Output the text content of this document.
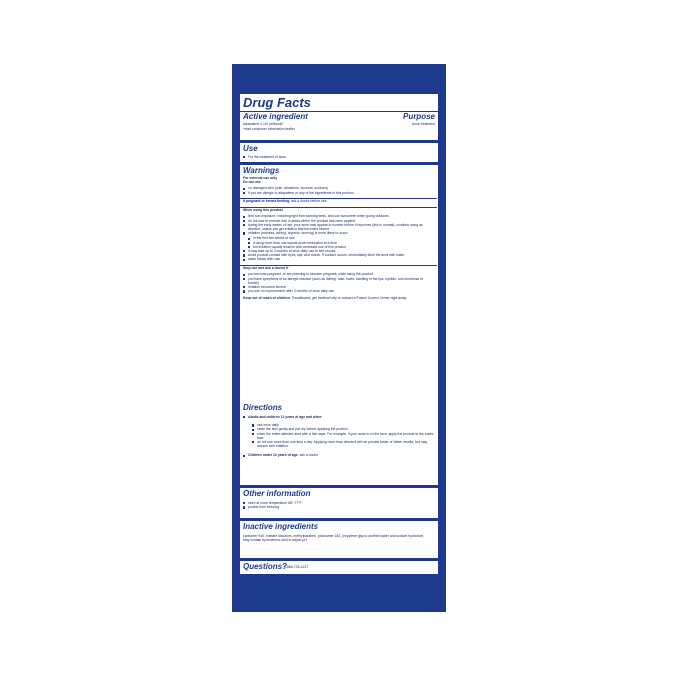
Drug Facts
Active ingredient	Purpose
Adapalene 0.1% (retinoid)*	Acne treatment
*read consumer information leaflet
Use
For the treatment of acne
Warnings
For external use only
Do not use
on damaged skin (cuts, abrasions, eczema, sunburn)
if you are allergic to adapalene or any of the ingredients in this product.
If pregnant or breast-feeding, ask a doctor before use.
When using this product
limit sun exposure, including light from tanning beds, and use sunscreen when going outdoors
do not wax to remove hair in areas where the product has been applied
during the early weeks of use, your acne may appear to worsen before it improves (this is normal); continue using as directed, unless you get irritation that becomes severe
irritation (redness, itching, dryness, burning) is more likely to occur:
in the first few weeks of use
if using more than one topical acne medication at a time
but irritation usually lessens with continued use of this product
it may take up to 3 months of once daily use to see results
avoid product contact with eyes, lips, and mouth. If contact occurs, immediately flush the area with water.
wash hands after use
Stop use and ask a doctor if
you become pregnant, or are planning to become pregnant, while using the product
you have symptoms of an allergic reaction (such as itching, rash, hives, swelling of the lips, eyelids, and shortness of breath)
irritation becomes severe
you see no improvement after 3 months of once daily use
Keep out of reach of children. If swallowed, get medical help or contact a Poison Control Center right away.
Directions
Adults and children 12 years of age and older:
use once daily
clean the skin gently and pat dry before applying the product
cover the entire affected area with a thin layer. For example, if your acne is on the face, apply the product to the entire face.
do not use more than one time a day. Applying more than directed will not provide faster or better results, but may worsen skin irritation.
Children under 12 years of age: ask a doctor
Other information
store at room temperature 68°-77°F
protect from freezing
Inactive ingredients
carbomer 940, edetate disodium, methylparaben, poloxamer 182, propylene glycol, purified water and sodium hydroxide.
May contain hydrochloric acid to adjust pH.
Questions?
1-866-735-4137
